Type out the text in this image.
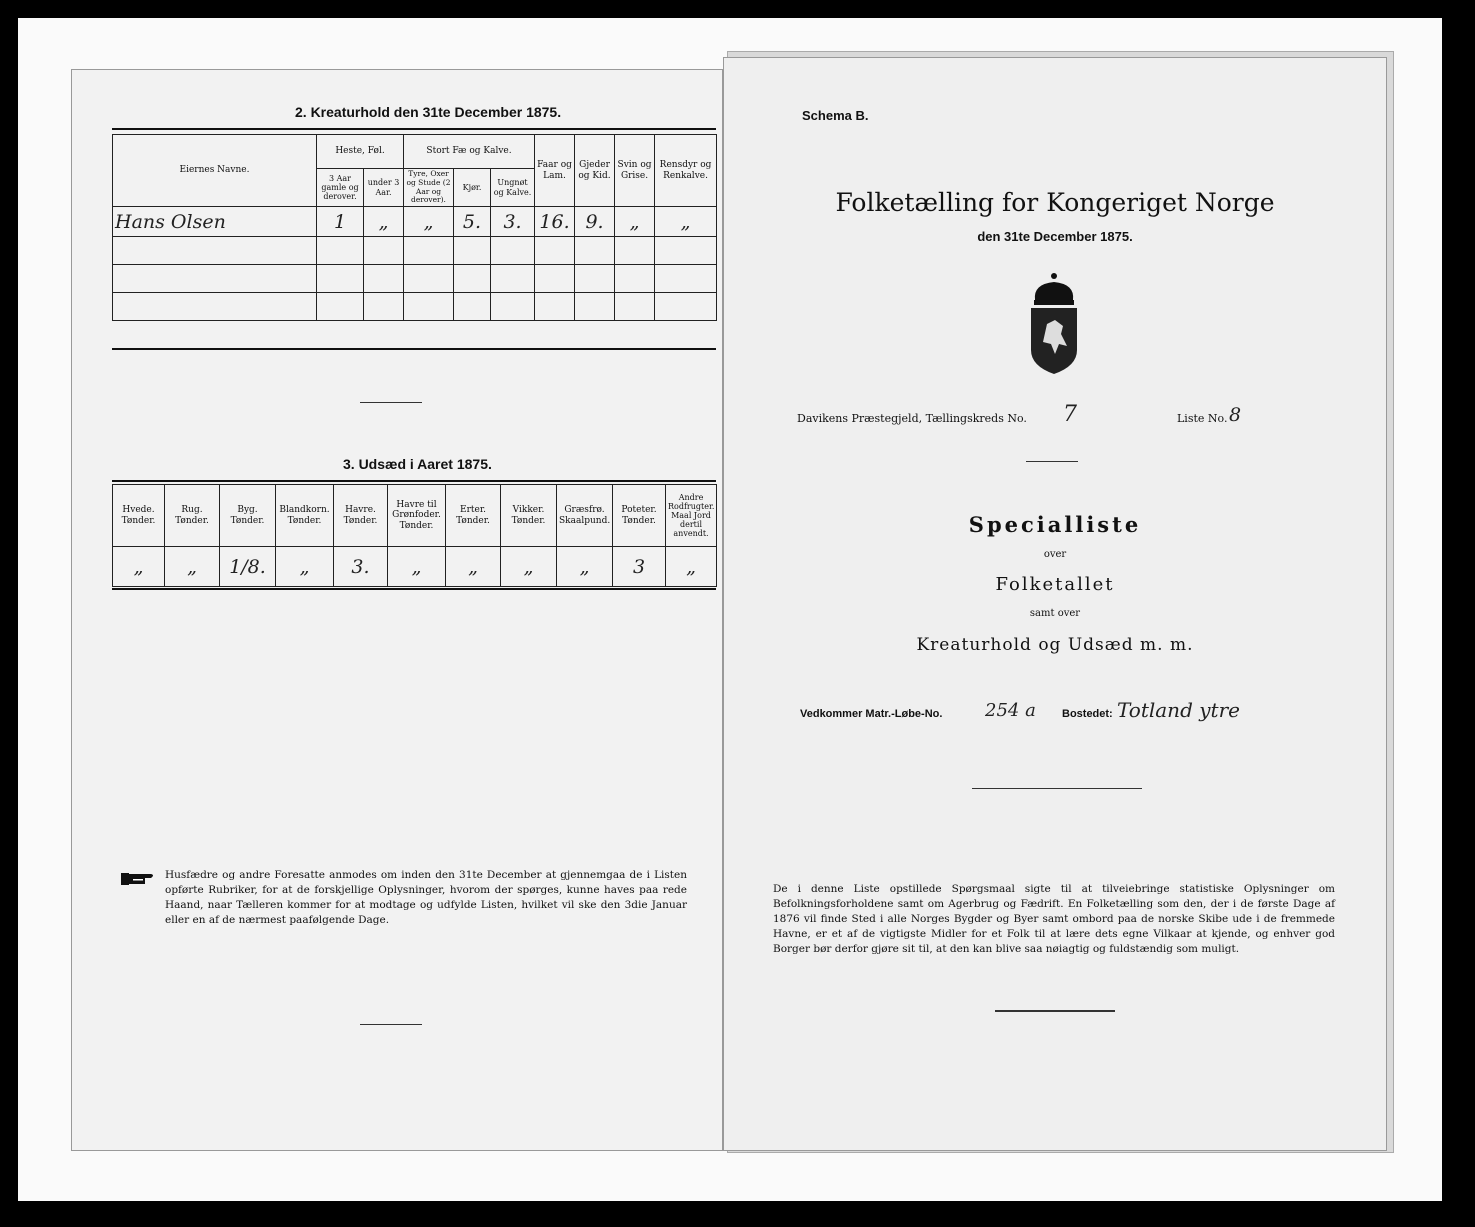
2. Kreaturhold den 31te December 1875.
Eiernes Navne.	Heste, Føl.		Stort Fæ og Kalve.			Faar og Lam.	Gjeder og Kid.	Svin og Grise.	Rensdyr og Renkalve.
	3 Aar gamle og derover.	under 3 Aar.	Tyre, Oxer og Stude (2 Aar og derover).	Kjør.	Ungnøt og Kalve.				
Hans Olsen	1	„	„	5.	3.	16.	9.	„	„

3. Udsæd i Aaret 1875.
Hvede. Tønder.	Rug. Tønder.	Byg. Tønder.	Blandkorn. Tønder.	Havre. Tønder.	Havre til Grønfoder. Tønder.	Erter. Tønder.	Vikker. Tønder.	Græsfrø. Skaalpund.	Poteter. Tønder.	Andre Rodfrugter. Maal Jord dertil anvendt.
„	„	1/8.	„	3.	„	„	„	„	3	„
Husfædre og andre Foresatte anmodes om inden den 31te December at gjennemgaa de i Listen opførte Rubriker, for at de forskjellige Oplysninger, hvorom der spørges, kunne haves paa rede Haand, naar Tælleren kommer for at modtage og udfylde Listen, hvilket vil ske den 3die Januar eller en af de nærmest paafølgende Dage.
Schema B.
Folketælling for Kongeriget Norge
den 31te December 1875.
Davikens Præstegjeld, Tællingskreds No. 7	Liste No. 8
Specialliste
over
Folketallet
samt over
Kreaturhold og Udsæd m. m.
Vedkommer Matr.-Løbe-No. 254 a Bostedet: Totland ytre
De i denne Liste opstillede Spørgsmaal sigte til at tilveiebringe statistiske Oplysninger om Befolkningsforholdene samt om Agerbrug og Fædrift. En Folketælling som den, der i de første Dage af 1876 vil finde Sted i alle Norges Bygder og Byer samt ombord paa de norske Skibe ude i de fremmede Havne, er et af de vigtigste Midler for et Folk til at lære dets egne Vilkaar at kjende, og enhver god Borger bør derfor gjøre sit til, at den kan blive saa nøiagtig og fuldstændig som muligt.
